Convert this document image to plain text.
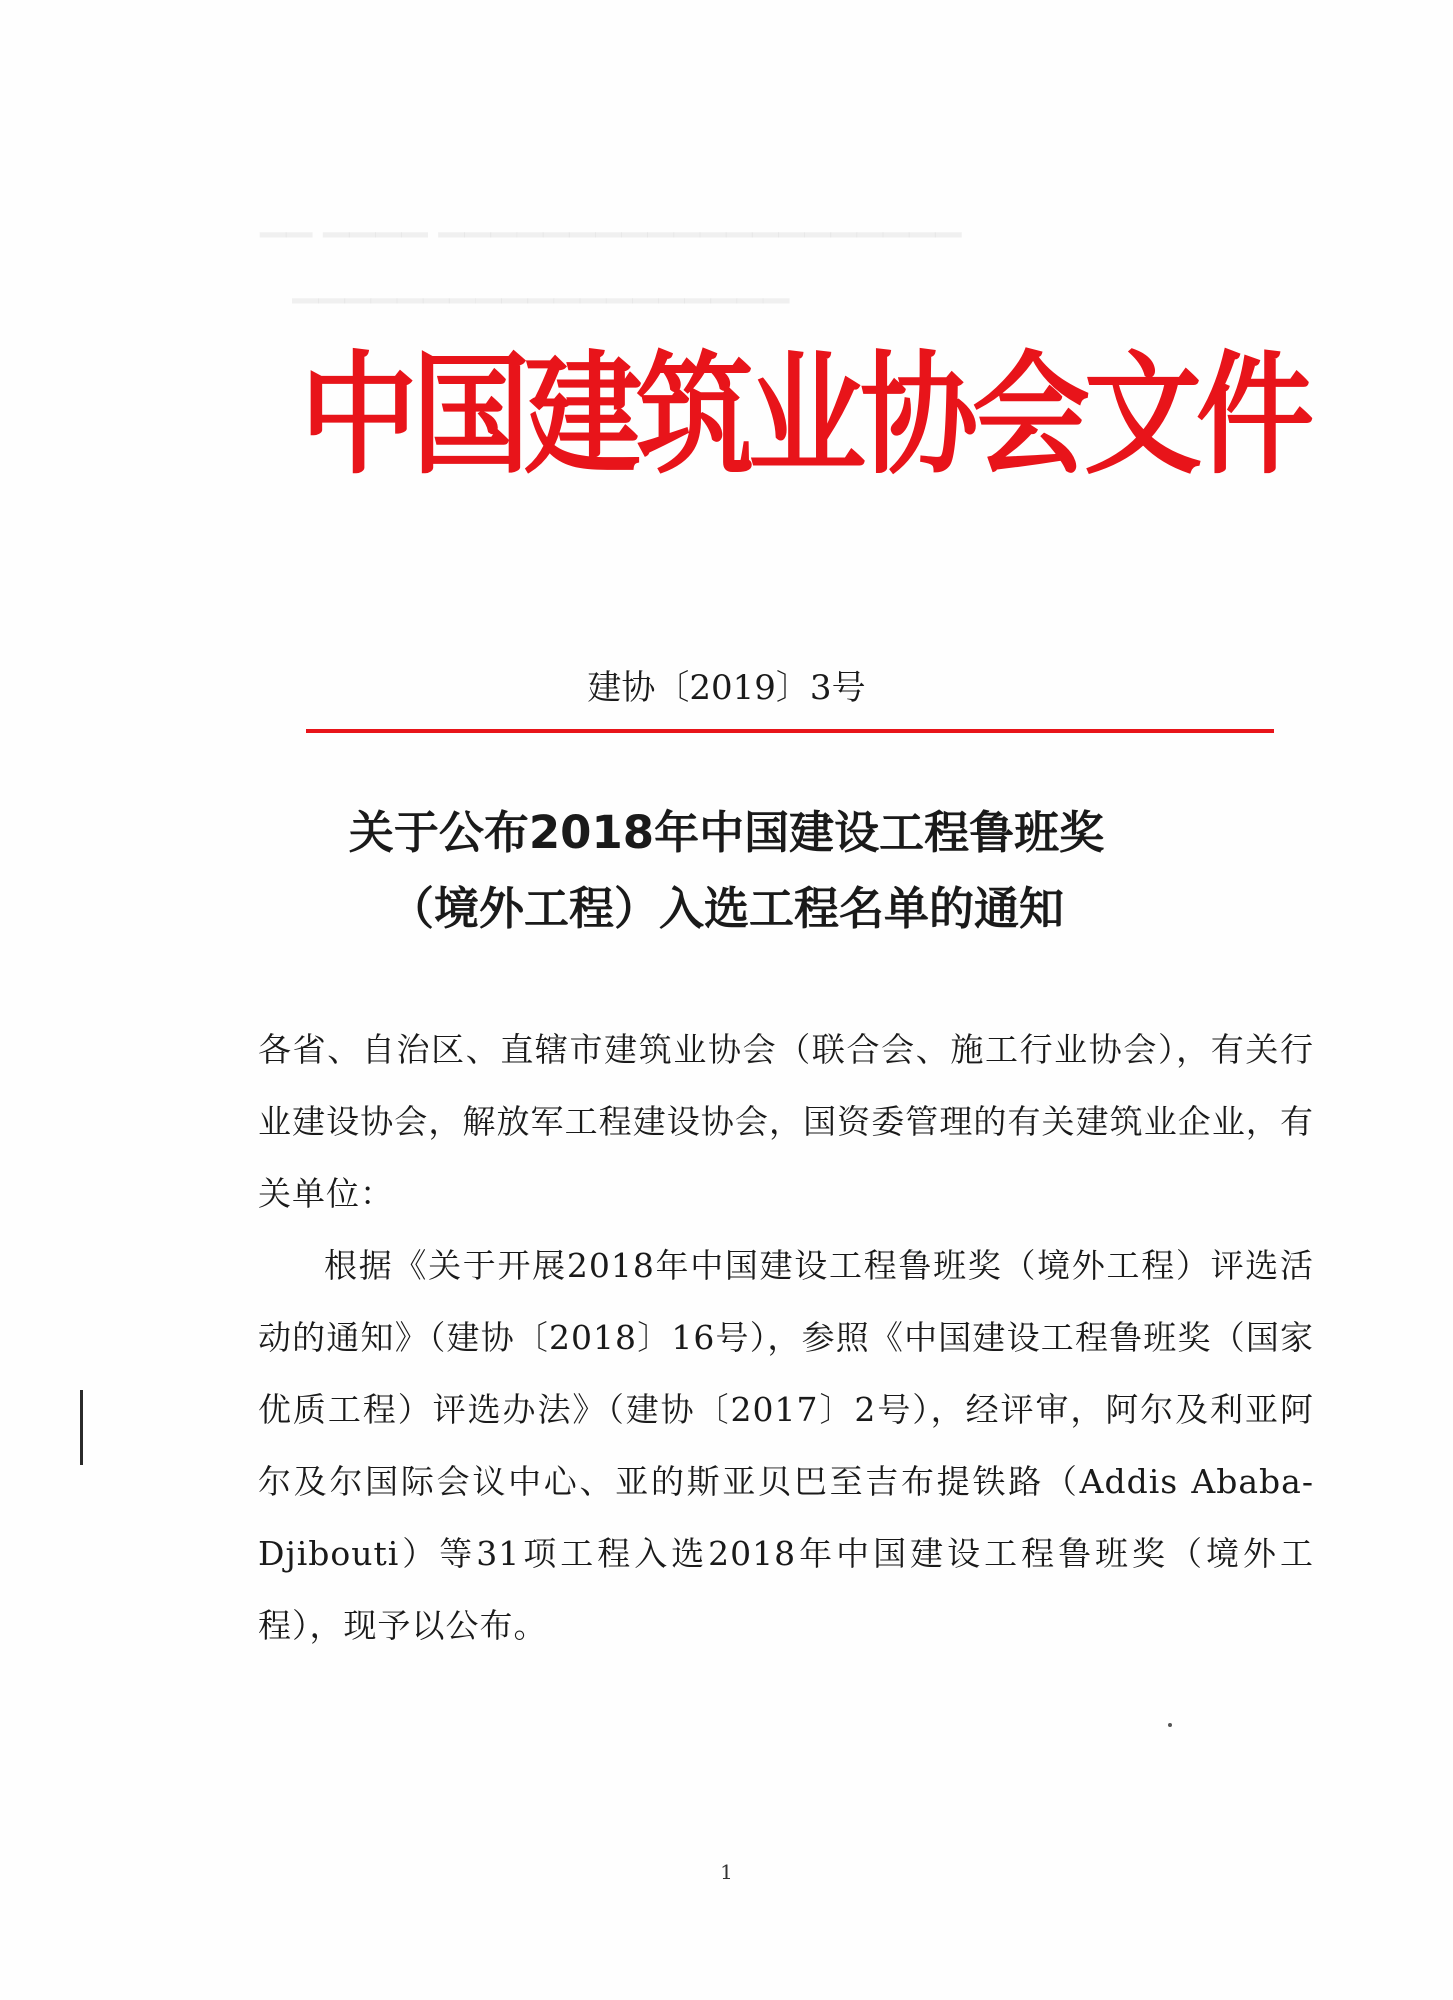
▁▁ ▁▁▁▁ ▁▁▁▁▁▁▁▁▁▁▁▁▁▁▁▁▁▁▁▁
▁▁▁▁▁▁▁▁▁▁▁▁▁▁▁▁▁▁▁
中国建筑业协会文件
建协〔2019〕3号
关于公布2018年中国建设工程鲁班奖
（境外工程）入选工程名单的通知

各省、自治区、直辖市建筑业协会（联合会、施工行业协会），有关行业建设协会，解放军工程建设协会，国资委管理的有关建筑业企业，有关单位：

根据《关于开展2018年中国建设工程鲁班奖（境外工程）评选活动的通知》（建协〔2018〕16号），参照《中国建设工程鲁班奖（国家优质工程）评选办法》（建协〔2017〕2号），经评审，阿尔及利亚阿尔及尔国际会议中心、亚的斯亚贝巴至吉布提铁路（Addis Ababa-Djibouti）等31项工程入选2018年中国建设工程鲁班奖（境外工程），现予以公布。

1
